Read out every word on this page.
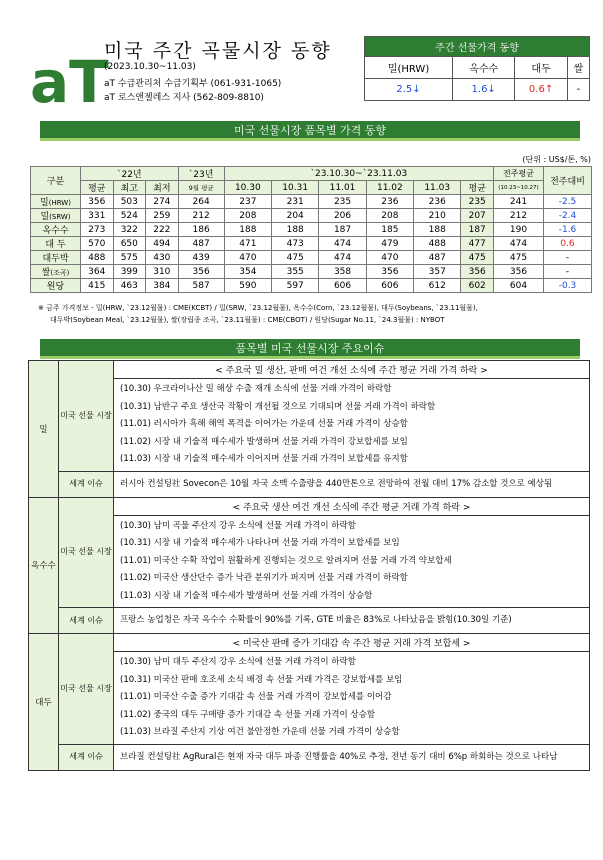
aT
미국 주간 곡물시장 동향
(2023.10.30~11.03)
aT 수급관리처 수급기획부 (061-931-1065)
aT 로스앤젤레스 지사 (562-809-8810)
주간 선물가격 동향			
밀(HRW)	옥수수	대두	쌀
2.5↓	1.6↓	0.6↑	-
미국 선물시장 품목별 가격 동향
(단위 : US$/톤, %)
구분	`22년			`23년	`23.10.30~`23.11.03						전주평균	전주대비
	평균	최고	최저	9월 평균	10.30	10.31	11.01	11.02	11.03	평균	(10.23~10.27)	
밀(HRW)	356	503	274	264	237	231	235	236	236	235	241	-2.5
밀(SRW)	331	524	259	212	208	204	206	208	210	207	212	-2.4
옥수수	273	322	222	186	188	188	187	185	188	187	190	-1.6
대 두	570	650	494	487	471	473	474	479	488	477	474	0.6
대두박	488	575	430	439	470	475	474	470	487	475	475	-
쌀(조곡)	364	399	310	356	354	355	358	356	357	356	356	-
원당	415	463	384	587	590	597	606	606	612	602	604	-0.3
※ 금주 가격정보 - 밀(HRW, `23.12월물) : CME(KCBT) / 밀(SRW, `23.12월물), 옥수수(Corn, `23.12월물), 대두(Soybeans, `23.11월물),
대두박(Soybean Meal, `23.12월물), 쌀(장립종 조곡, `23.11월물) : CME(CBOT) / 원당(Sugar No.11, `24.3월물) : NYBOT
품목별 미국 선물시장 주요이슈
밀	미국 선물 시장	< 주요국 밀 생산, 판매 여건 개선 소식에 주간 평균 거래 가격 하락 >

		(10.30) 우크라이나산 밀 해상 수출 재개 소식에 선물 거래 가격이 하락함
(10.31) 남반구 주요 생산국 작황이 개선될 것으로 기대되며 선물 거래 가격이 하락함
(11.01) 러시아가 흑해 해역 폭격을 이어가는 가운데 선물 거래 가격이 상승함
(11.02) 시장 내 기술적 매수세가 발생하며 선물 거래 가격이 강보합세를 보임
(11.03) 시장 내 기술적 매수세가 이어지며 선물 거래 가격이 보합세를 유지함

	세계 이슈	러시아 컨설팅社 Sovecon은 10월 자국 소맥 수출량을 440만톤으로 전망하여 전월 대비 17% 감소할 것으로 예상됨
옥수수	미국 선물 시장	< 주요국 생산 여건 개선 소식에 주간 평균 거래 가격 하락 >

		(10.30) 남미 곡물 주산지 강우 소식에 선물 거래 가격이 하락함
(10.31) 시장 내 기술적 매수세가 나타나며 선물 거래 가격이 보합세를 보임
(11.01) 미국산 수확 작업이 원활하게 진행되는 것으로 알려지며 선물 거래 가격 약보합세
(11.02) 미국산 생산단수 증가 낙관 분위기가 퍼지며 선물 거래 가격이 하락함
(11.03) 시장 내 기술적 매수세가 발생하며 선물 거래 가격이 상승함

	세계 이슈	프랑스 농업청은 자국 옥수수 수확률이 90%를 기록, GTE 비율은 83%로 나타났음을 밝힘(10.30일 기준)
대두	미국 선물 시장	< 미국산 판매 증가 기대감 속 주간 평균 거래 가격 보합세 >

		(10.30) 남미 대두 주산지 강우 소식에 선물 거래 가격이 하락함
(10.31) 미국산 판매 호조세 소식 배경 속 선물 거래 가격은 강보합세를 보임
(11.01) 미국산 수출 증가 기대감 속 선물 거래 가격이 강보합세를 이어감
(11.02) 중국의 대두 구매량 증가 기대감 속 선물 거래 가격이 상승함
(11.03) 브라질 주산지 기상 여건 불안정한 가운데 선물 거래 가격이 상승함

	세계 이슈	브라질 컨설팅社 AgRural은 현재 자국 대두 파종 진행률을 40%로 추정, 전년 동기 대비 6%p 하회하는 것으로 나타남
